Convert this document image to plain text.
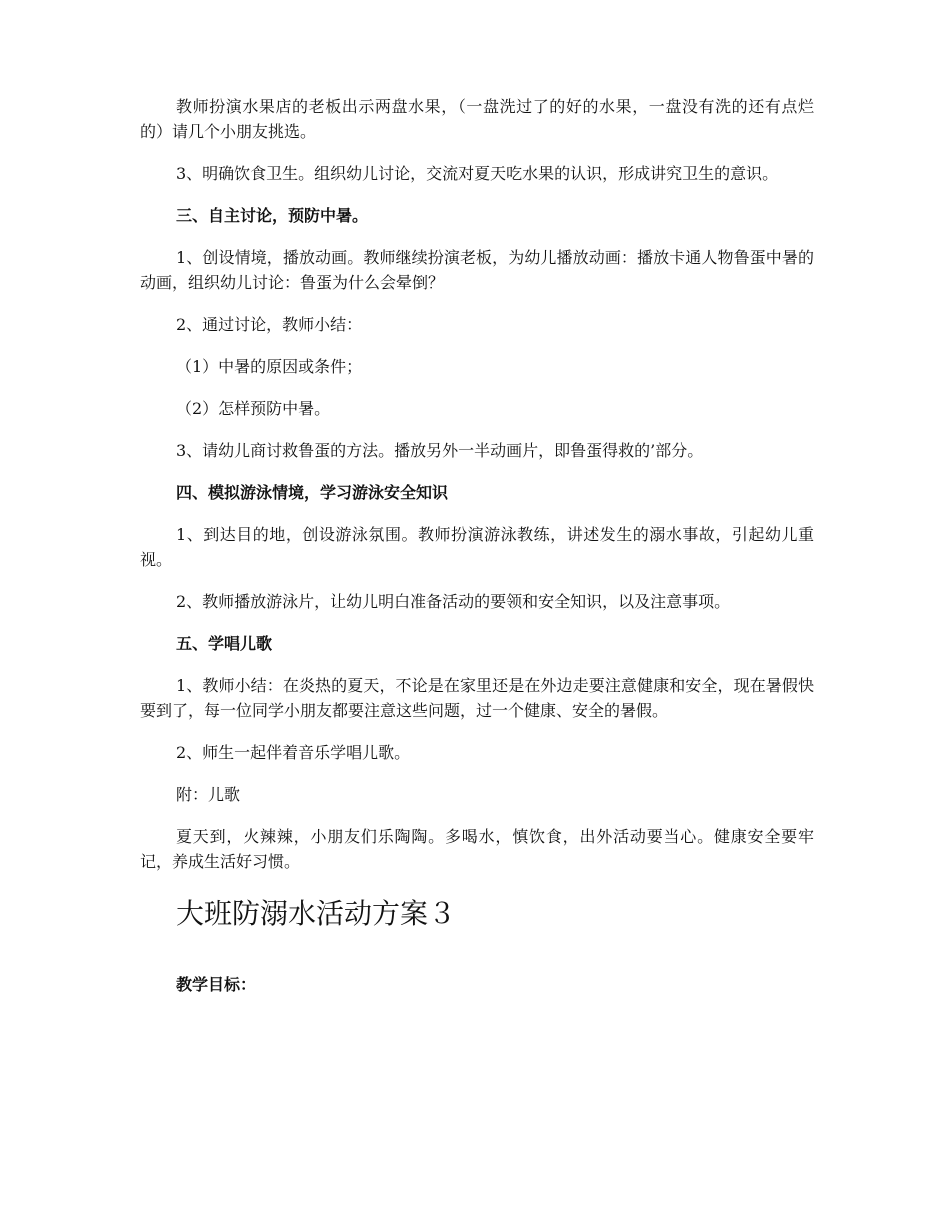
教师扮演水果店的老板出示两盘水果，（一盘洗过了的好的水果，一盘没有洗的还有点烂的）请几个小朋友挑选。

3、明确饮食卫生。组织幼儿讨论，交流对夏天吃水果的认识，形成讲究卫生的意识。

三、自主讨论，预防中暑。

1、创设情境，播放动画。教师继续扮演老板，为幼儿播放动画：播放卡通人物鲁蛋中暑的动画，组织幼儿讨论：鲁蛋为什么会晕倒？

2、通过讨论，教师小结：

（1）中暑的原因或条件；

（2）怎样预防中暑。

3、请幼儿商讨救鲁蛋的方法。播放另外一半动画片，即鲁蛋得救的’部分。

四、模拟游泳情境，学习游泳安全知识

1、到达目的地，创设游泳氛围。教师扮演游泳教练，讲述发生的溺水事故，引起幼儿重视。

2、教师播放游泳片，让幼儿明白准备活动的要领和安全知识，以及注意事项。

五、学唱儿歌

1、教师小结：在炎热的夏天，不论是在家里还是在外边走要注意健康和安全，现在暑假快要到了，每一位同学小朋友都要注意这些问题，过一个健康、安全的暑假。

2、师生一起伴着音乐学唱儿歌。

附：儿歌

夏天到，火辣辣，小朋友们乐陶陶。多喝水，慎饮食，出外活动要当心。健康安全要牢记，养成生活好习惯。

大班防溺水活动方案３
教学目标：
